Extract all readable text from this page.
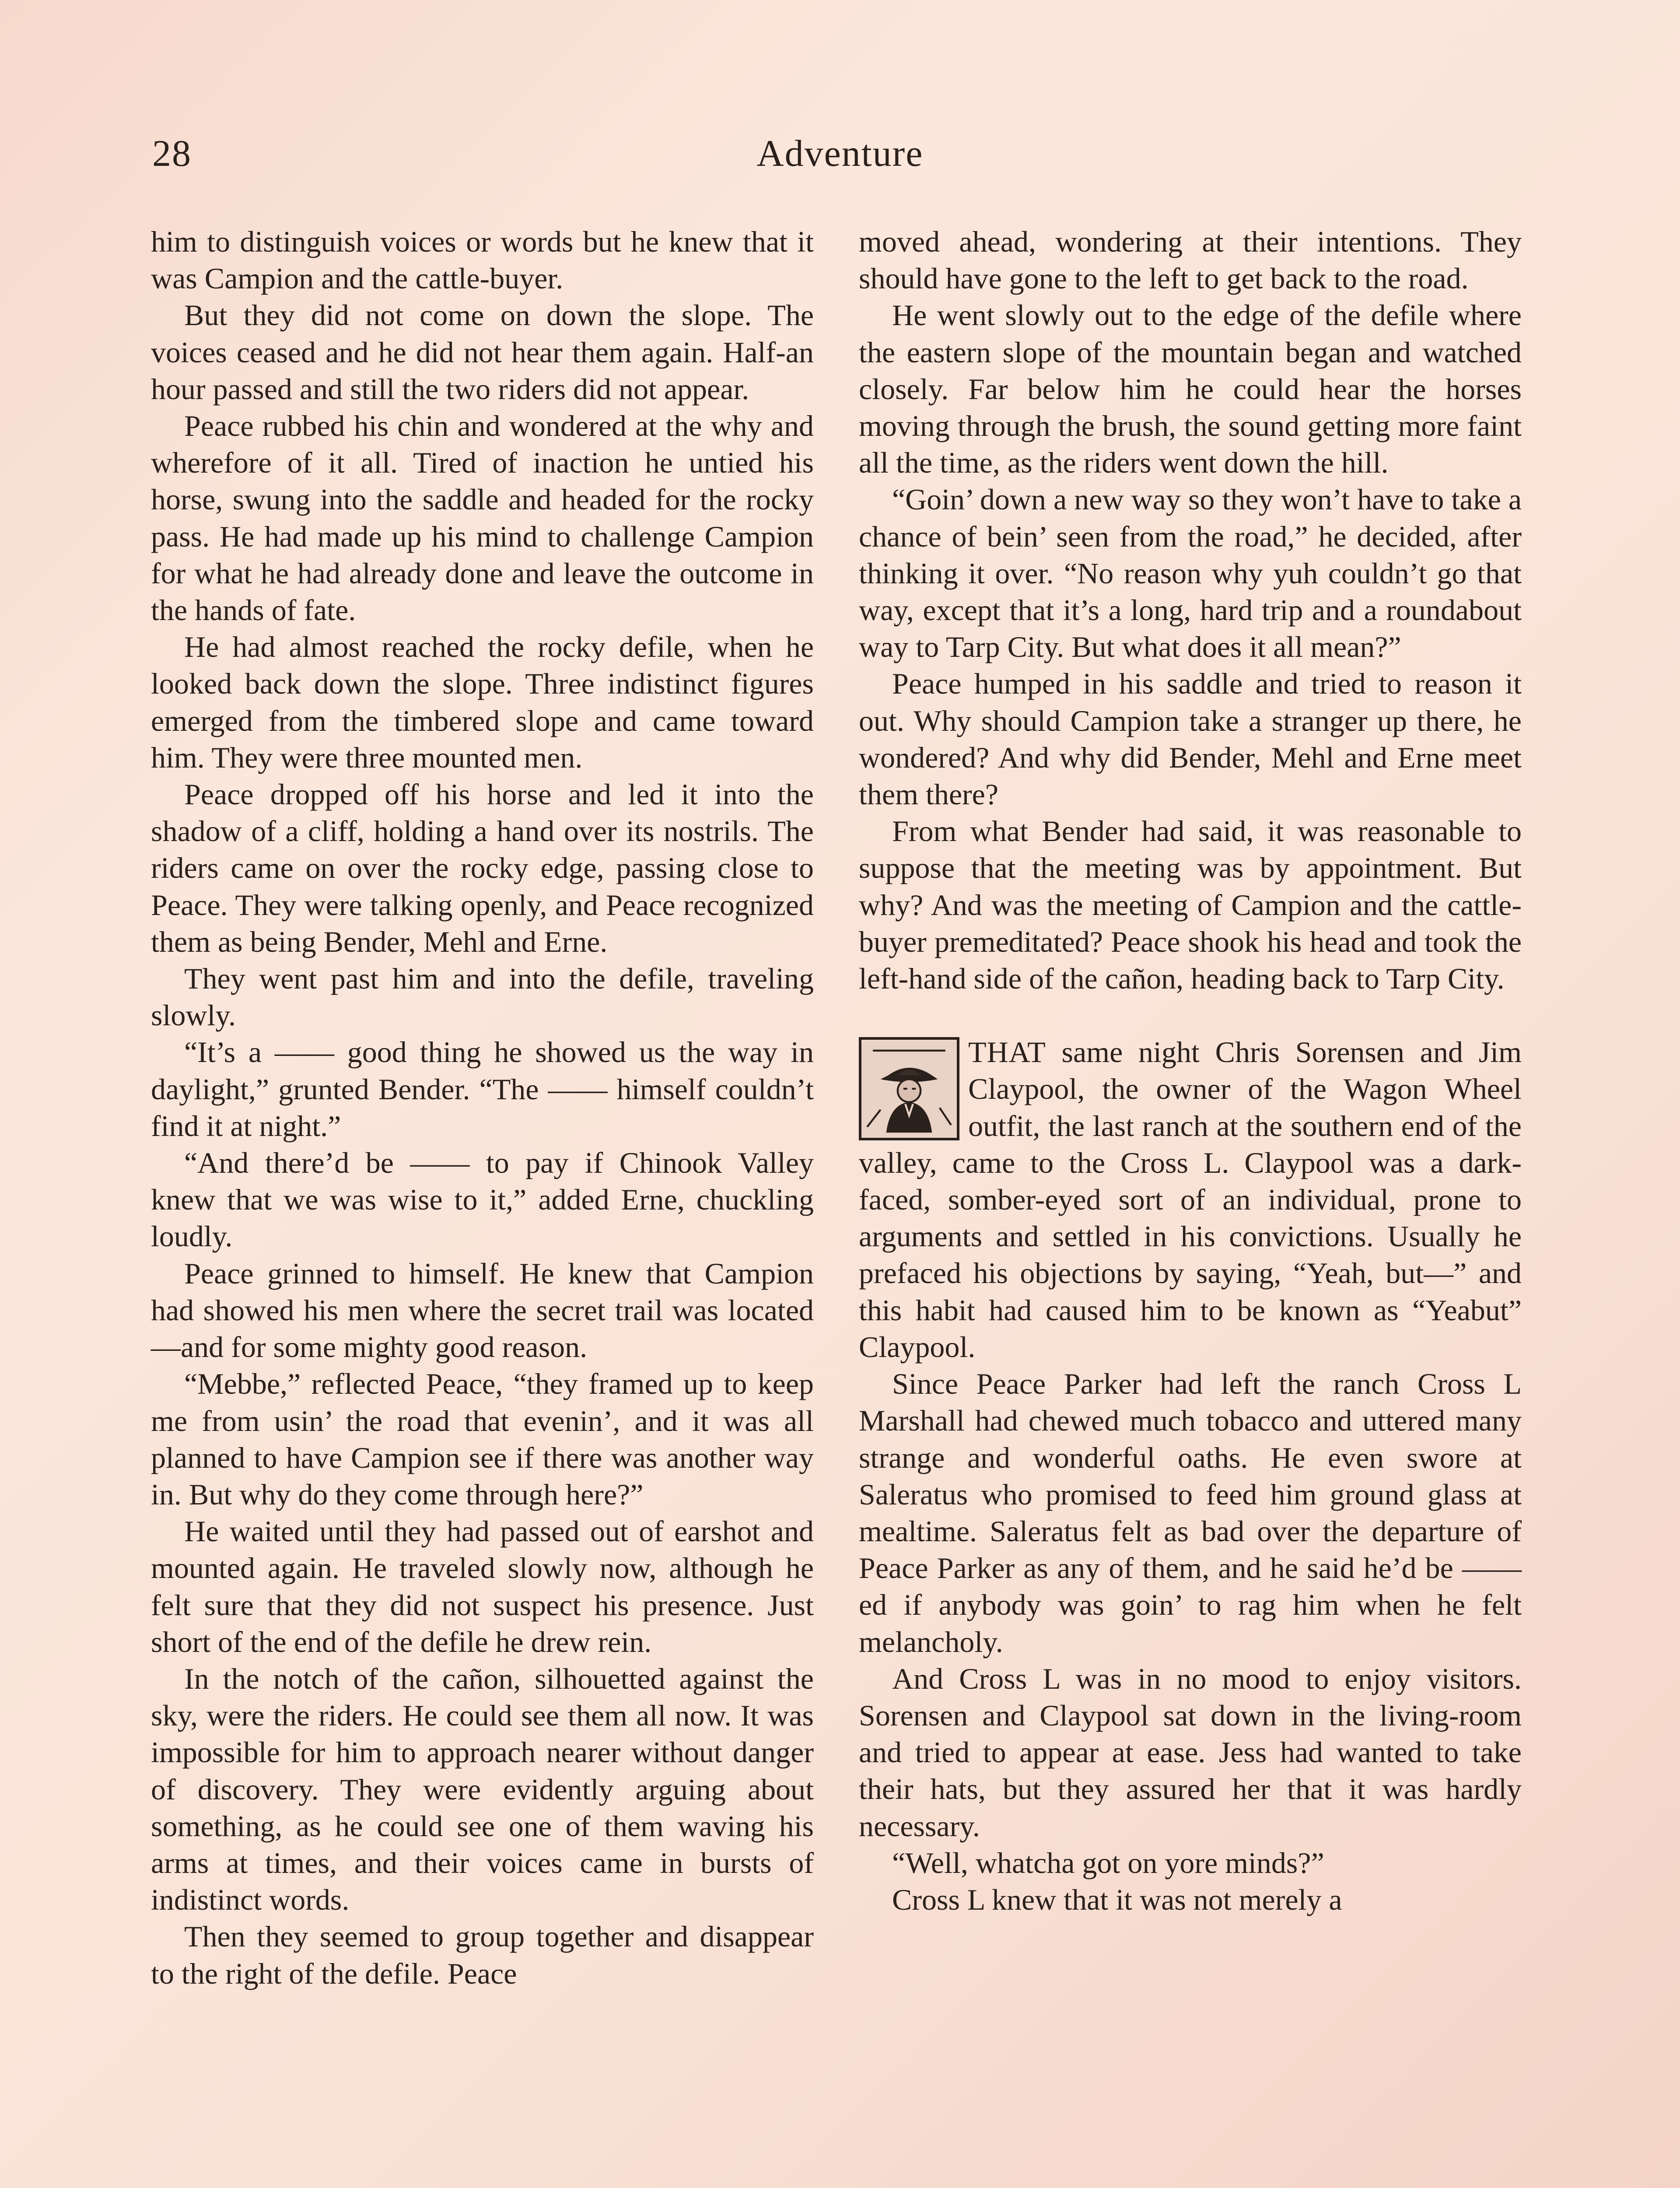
28	Adventure

him to distinguish voices or words but he knew that it was Campion and the cattle-buyer.

But they did not come on down the slope. The voices ceased and he did not hear them again. Half-an hour passed and still the two riders did not appear.

Peace rubbed his chin and wondered at the why and wherefore of it all. Tired of inaction he untied his horse, swung into the saddle and headed for the rocky pass. He had made up his mind to challenge Campion for what he had already done and leave the outcome in the hands of fate.

He had almost reached the rocky defile, when he looked back down the slope. Three indistinct figures emerged from the timbered slope and came toward him. They were three mounted men.

Peace dropped off his horse and led it into the shadow of a cliff, holding a hand over its nostrils. The riders came on over the rocky edge, passing close to Peace. They were talking openly, and Peace recognized them as being Bender, Mehl and Erne.

They went past him and into the defile, traveling slowly.

“It’s a —— good thing he showed us the way in daylight,” grunted Bender. “The —— himself couldn’t find it at night.”

“And there’d be —— to pay if Chinook Valley knew that we was wise to it,” added Erne, chuckling loudly.

Peace grinned to himself. He knew that Campion had showed his men where the secret trail was located—and for some mighty good reason.

“Mebbe,” reflected Peace, “they framed up to keep me from usin’ the road that evenin’, and it was all planned to have Campion see if there was another way in. But why do they come through here?”

He waited until they had passed out of earshot and mounted again. He traveled slowly now, although he felt sure that they did not suspect his presence. Just short of the end of the defile he drew rein.

In the notch of the cañon, silhouetted against the sky, were the riders. He could see them all now. It was impossible for him to approach nearer without danger of discovery. They were evidently arguing about something, as he could see one of them waving his arms at times, and their voices came in bursts of indistinct words.

Then they seemed to group together and disappear to the right of the defile. Peace

moved ahead, wondering at their intentions. They should have gone to the left to get back to the road.

He went slowly out to the edge of the defile where the eastern slope of the mountain began and watched closely. Far below him he could hear the horses moving through the brush, the sound getting more faint all the time, as the riders went down the hill.

“Goin’ down a new way so they won’t have to take a chance of bein’ seen from the road,” he decided, after thinking it over. “No reason why yuh couldn’t go that way, except that it’s a long, hard trip and a roundabout way to Tarp City. But what does it all mean?”

Peace humped in his saddle and tried to reason it out. Why should Campion take a stranger up there, he wondered? And why did Bender, Mehl and Erne meet them there?

From what Bender had said, it was reasonable to suppose that the meeting was by appointment. But why? And was the meeting of Campion and the cattle-buyer premeditated? Peace shook his head and took the left-hand side of the cañon, heading back to Tarp City.

THAT same night Chris Sorensen and Jim Claypool, the owner of the Wagon Wheel outfit, the last ranch at the southern end of the valley, came to the Cross L. Claypool was a dark-faced, somber-eyed sort of an individual, prone to arguments and settled in his convictions. Usually he prefaced his objections by saying, “Yeah, but—” and this habit had caused him to be known as “Yeabut” Claypool.

Since Peace Parker had left the ranch Cross L Marshall had chewed much tobacco and uttered many strange and wonderful oaths. He even swore at Saleratus who promised to feed him ground glass at mealtime. Saleratus felt as bad over the departure of Peace Parker as any of them, and he said he’d be ——ed if anybody was goin’ to rag him when he felt melancholy.

And Cross L was in no mood to enjoy visitors. Sorensen and Claypool sat down in the living-room and tried to appear at ease. Jess had wanted to take their hats, but they assured her that it was hardly necessary.

“Well, whatcha got on yore minds?”

Cross L knew that it was not merely a
